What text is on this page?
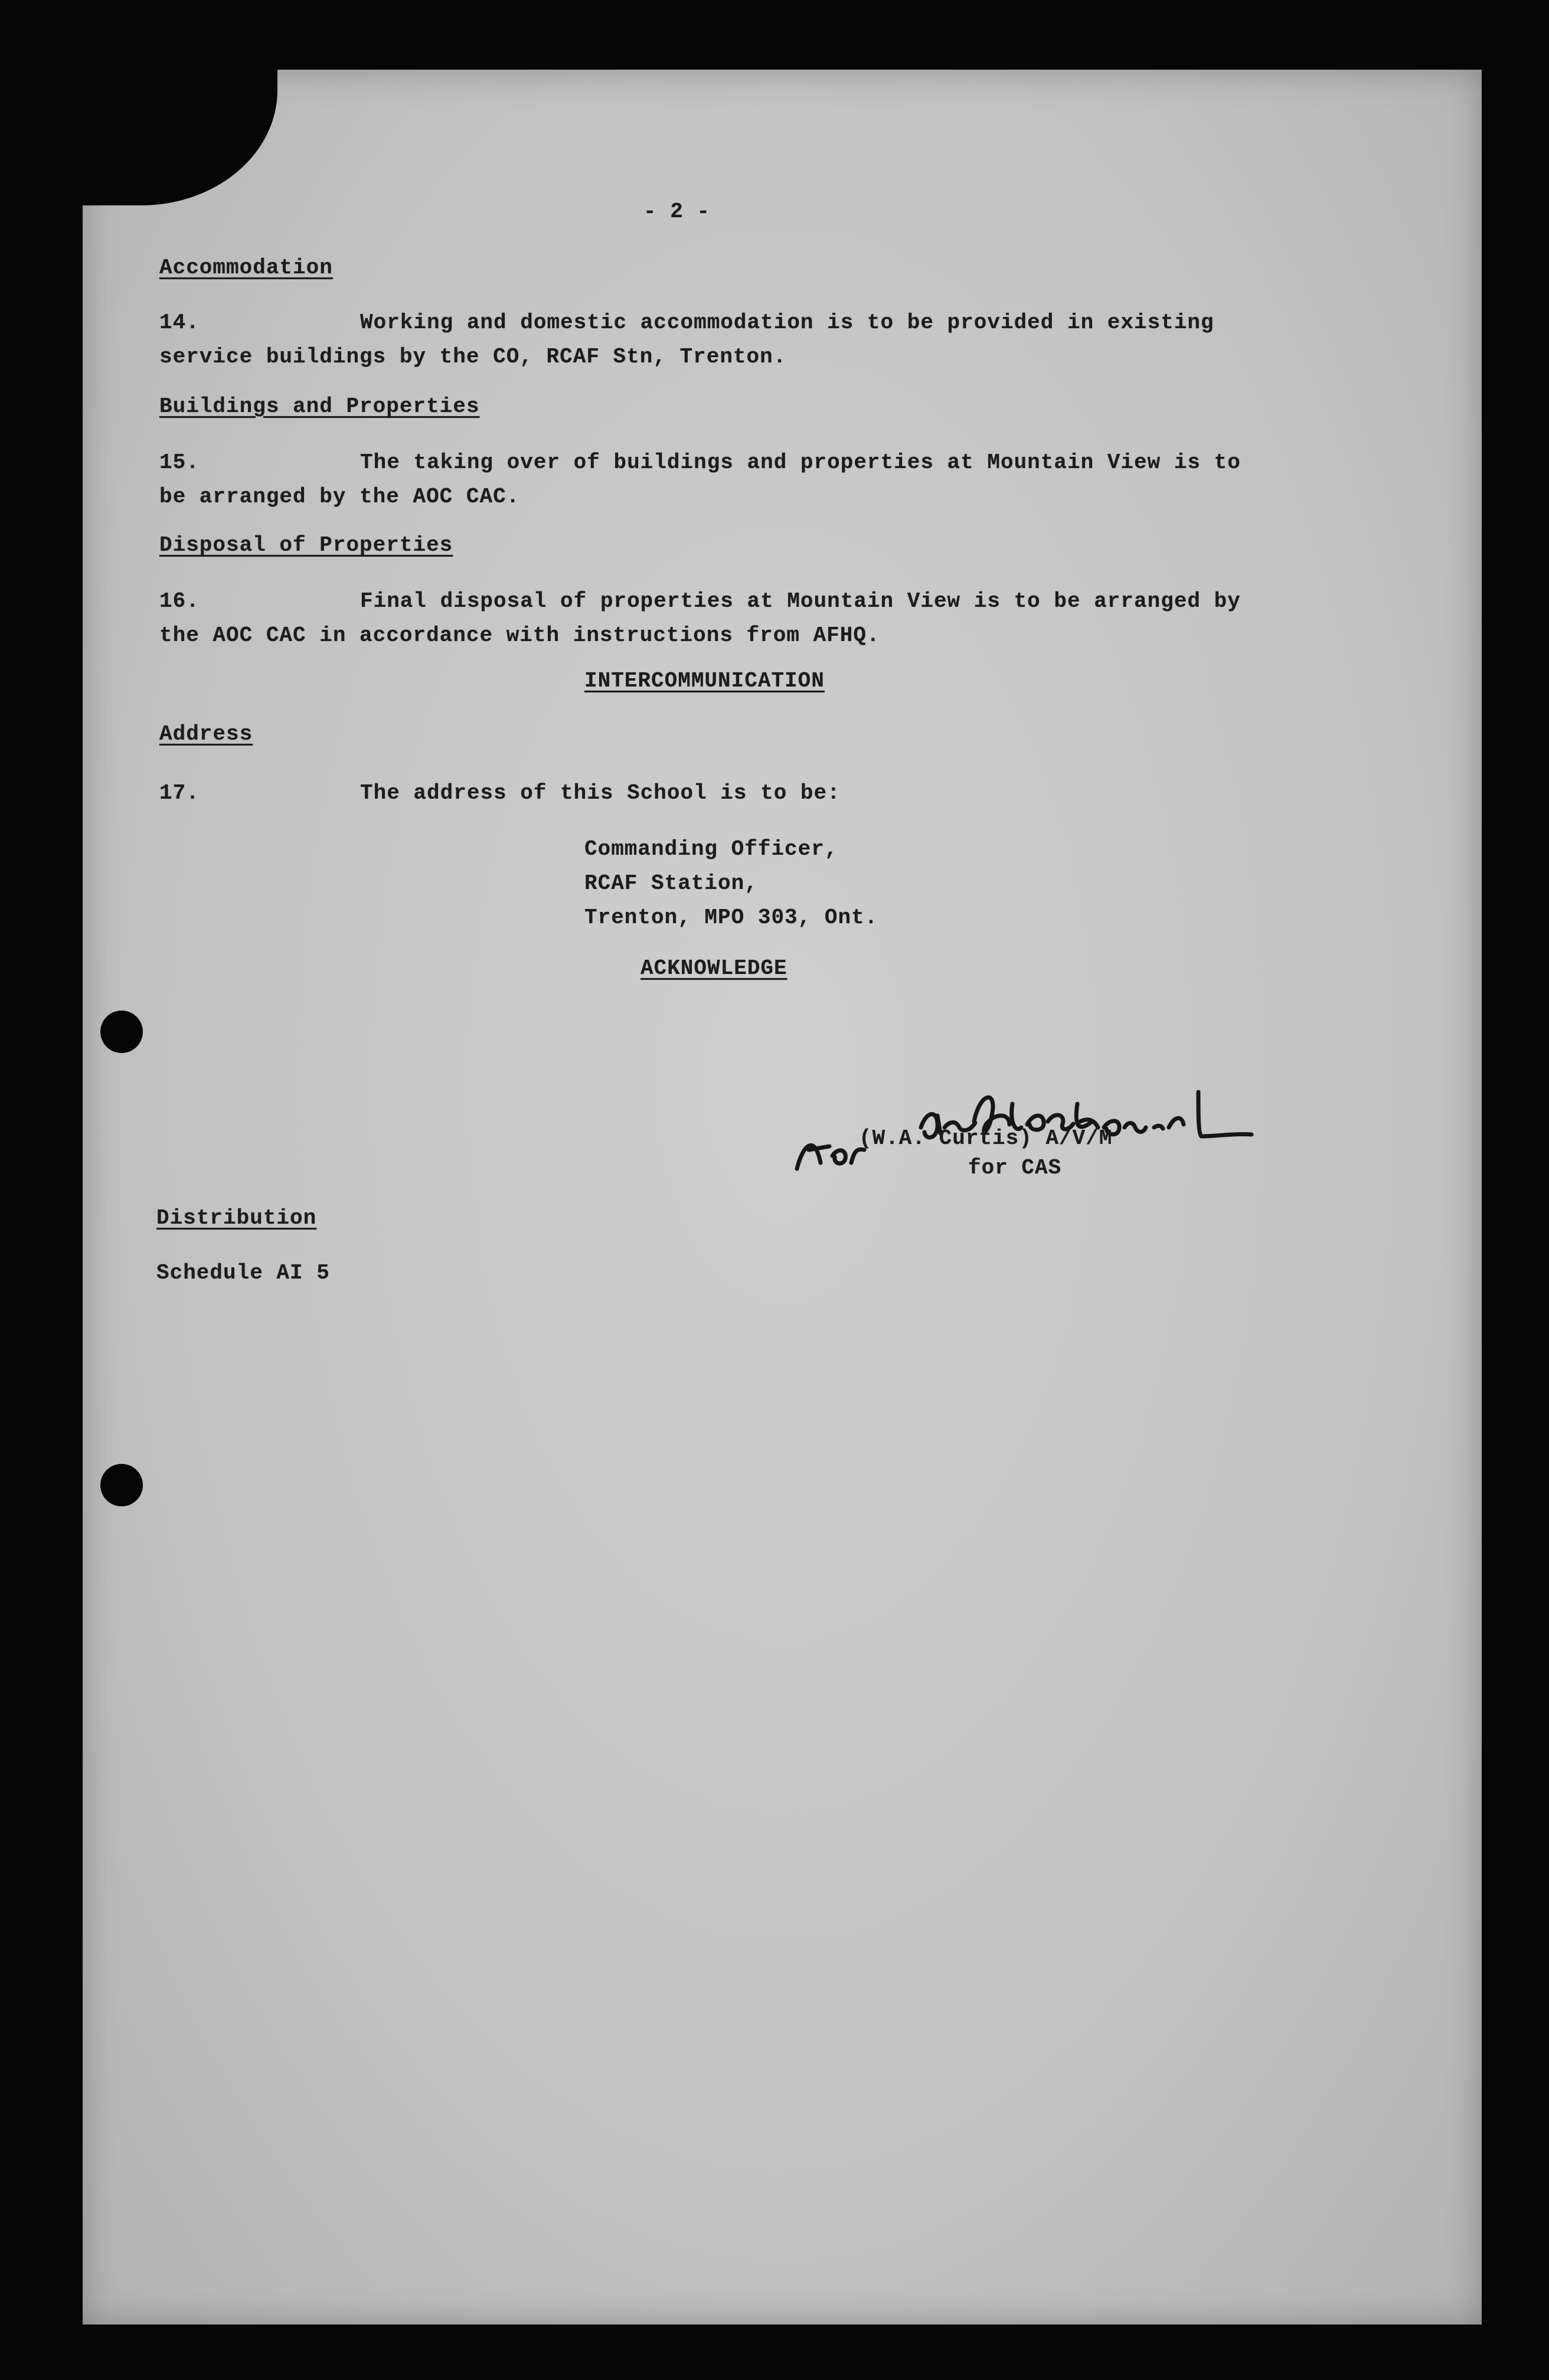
- 2 -
Accommodation
14.	Working and domestic accommodation is to be provided in existing
service buildings by the CO, RCAF Stn, Trenton.
Buildings and Properties
15.	The taking over of buildings and properties at Mountain View is to
be arranged by the AOC CAC.
Disposal of Properties
16.	Final disposal of properties at Mountain View is to be arranged by
the AOC CAC in accordance with instructions from AFHQ.
INTERCOMMUNICATION
Address
17.	The address of this School is to be:
Commanding Officer,
RCAF Station,
Trenton, MPO 303, Ont.
ACKNOWLEDGE
(W.A. Curtis) A/V/M
for CAS
Distribution
Schedule AI 5
